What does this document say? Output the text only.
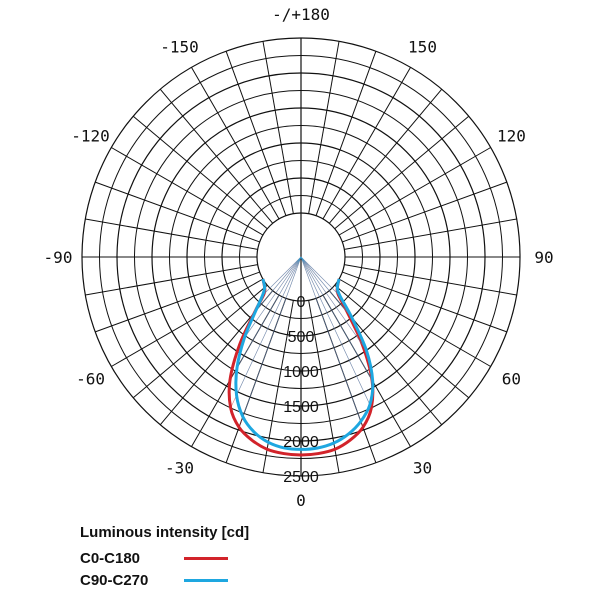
0
30
60
90
120
150
-/+180
-150
-120
-90
-60
-30
0
500
1000
1500
2000
2500
Luminous intensity [cd]
C0-C180
C90-C270
